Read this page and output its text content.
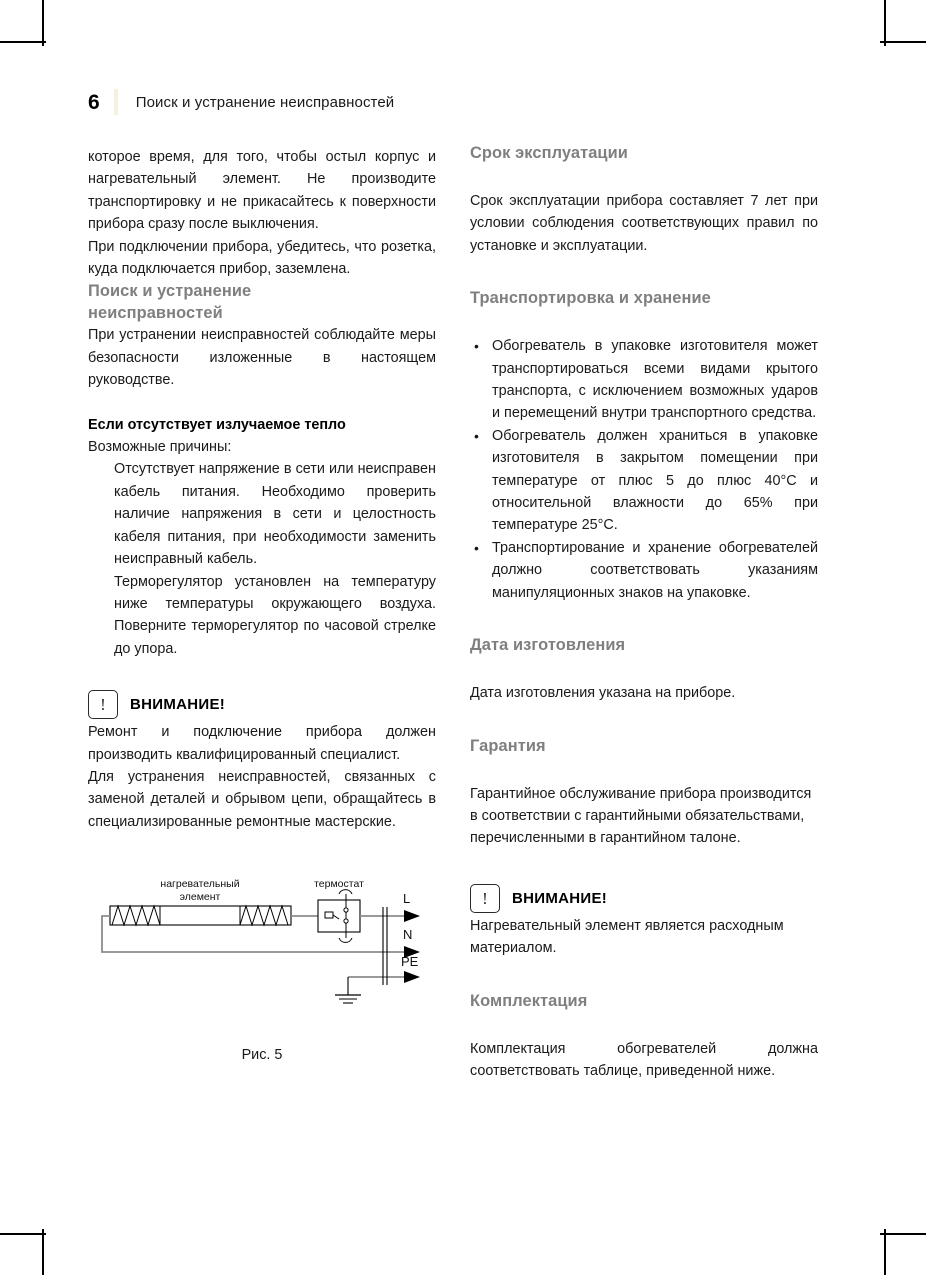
6 Поиск и устранение неисправностей

которое время, для того, чтобы остыл корпус и нагревательный элемент. Не производите транспортировку и не прикасайтесь к поверхности прибора сразу после выключения.

При подключении прибора, убедитесь, что розетка, куда подключается прибор, заземлена.

Поиск и устранение неисправностей

При устранении неисправностей соблюдайте меры безопасности изложенные в настоящем руководстве.

Если отсутствует излучаемое тепло

Возможные причины:

Отсутствует напряжение в сети или неисправен кабель питания. Необходимо проверить наличие напряжения в сети и целостность кабеля питания, при необходимости заменить неисправный кабель.

Терморегулятор установлен на температуру ниже температуры окружающего воздуха. Поверните терморегулятор по часовой стрелке до упора.

! ВНИМАНИЕ!

Ремонт и подключение прибора должен производить квалифицированный специалист.

Для устранения неисправностей, связанных с заменой деталей и обрывом цепи, обращайтесь в специализированные ремонтные мастерские.

нагревательный
элемент
термостат
L
N
PE
Рис. 5
Срок эксплуатации

Срок эксплуатации прибора составляет 7 лет при условии соблюдения соответствующих правил по установке и эксплуатации.

Транспортировка и хранение
• Обогреватель в упаковке изготовителя может транспортироваться всеми видами крытого транспорта, с исключением возможных ударов и перемещений внутри транспортного средства.
• Обогреватель должен храниться в упаковке изготовителя в закрытом помещении при температуре от плюс 5 до плюс 40°С и относительной влажности до 65% при температуре 25°С.
• Транспортирование и хранение обогревателей должно соответствовать указаниям манипуляционных знаков на упаковке.
Дата изготовления

Дата изготовления указана на приборе.

Гарантия

Гарантийное обслуживание прибора производится в соответствии с гарантийными обязательствами, перечисленными в гарантийном талоне.

! ВНИМАНИЕ!

Нагревательный элемент является расходным материалом.

Комплектация

Комплектация обогревателей должна соответствовать таблице, приведенной ниже.
